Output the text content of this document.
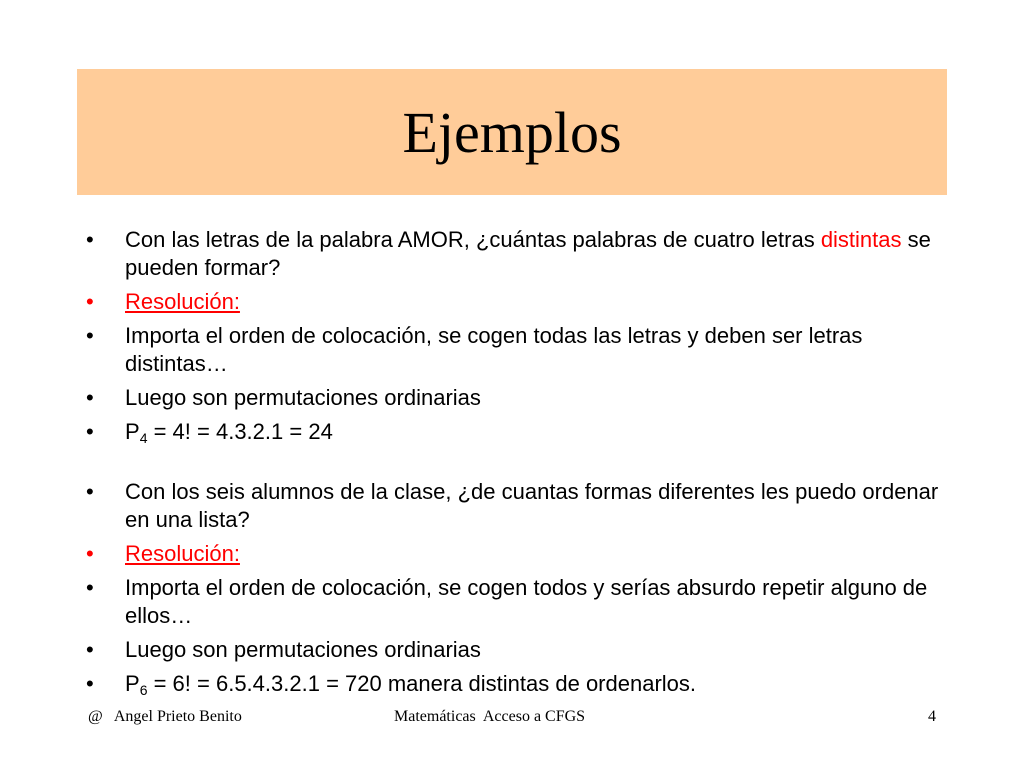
Ejemplos
• Con las letras de la palabra AMOR, ¿cuántas palabras de cuatro letras distintas se pueden formar?
• Resolución:
• Importa el orden de colocación, se cogen todas las letras y deben ser letras distintas…
• Luego son permutaciones ordinarias
• $P_4 = 4$! = 4.3.2.1 = 24
• Con los seis alumnos de la clase, ¿de cuantas formas diferentes les puedo ordenar en una lista?
• Resolución:
• Importa el orden de colocación, se cogen todos y serías absurdo repetir alguno de ellos…
• Luego son permutaciones ordinarias
• $P_6 = 6$! = 6.5.4.3.2.1 = 720 manera distintas de ordenarlos.
@   Angel Prieto Benito	Matemáticas  Acceso a CFGS	4
